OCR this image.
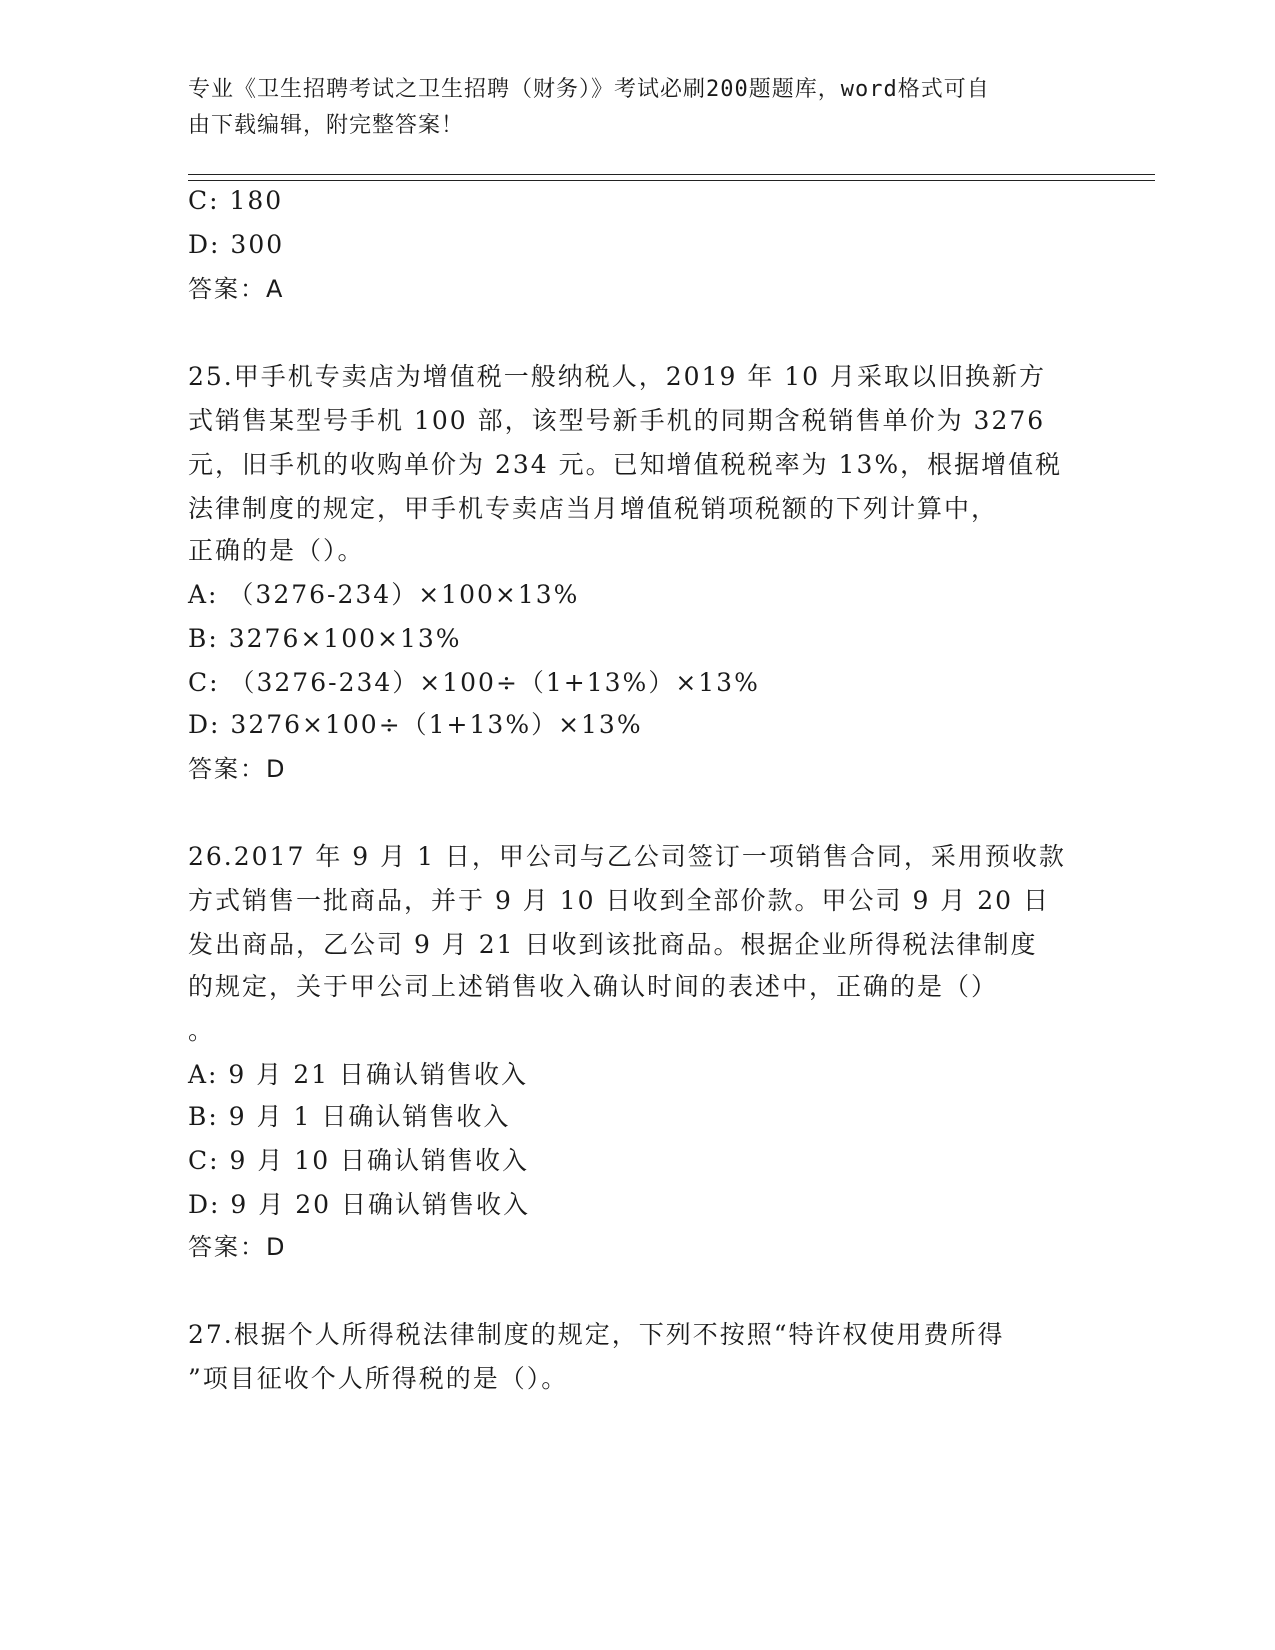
专业《卫生招聘考试之卫生招聘（财务）》考试必刷200题题库，word格式可自
由下载编辑，附完整答案！
C: 180
D: 300
答案：A
25.甲手机专卖店为增值税一般纳税人，2019 年 10 月采取以旧换新方
式销售某型号手机 100 部，该型号新手机的同期含税销售单价为 3276
元，旧手机的收购单价为 234 元。已知增值税税率为 13%，根据增值税
法律制度的规定，甲手机专卖店当月增值税销项税额的下列计算中，
正确的是（）。
A: （3276-234）×100×13%
B: 3276×100×13%
C: （3276-234）×100÷（1+13%）×13%
D: 3276×100÷（1+13%）×13%
答案：D
26.2017 年 9 月 1 日，甲公司与乙公司签订一项销售合同，采用预收款
方式销售一批商品，并于 9 月 10 日收到全部价款。甲公司 9 月 20 日
发出商品，乙公司 9 月 21 日收到该批商品。根据企业所得税法律制度
的规定，关于甲公司上述销售收入确认时间的表述中，正确的是（）
。
A: 9 月 21 日确认销售收入
B: 9 月 1 日确认销售收入
C: 9 月 10 日确认销售收入
D: 9 月 20 日确认销售收入
答案：D
27.根据个人所得税法律制度的规定，下列不按照“特许权使用费所得
”项目征收个人所得税的是（）。
